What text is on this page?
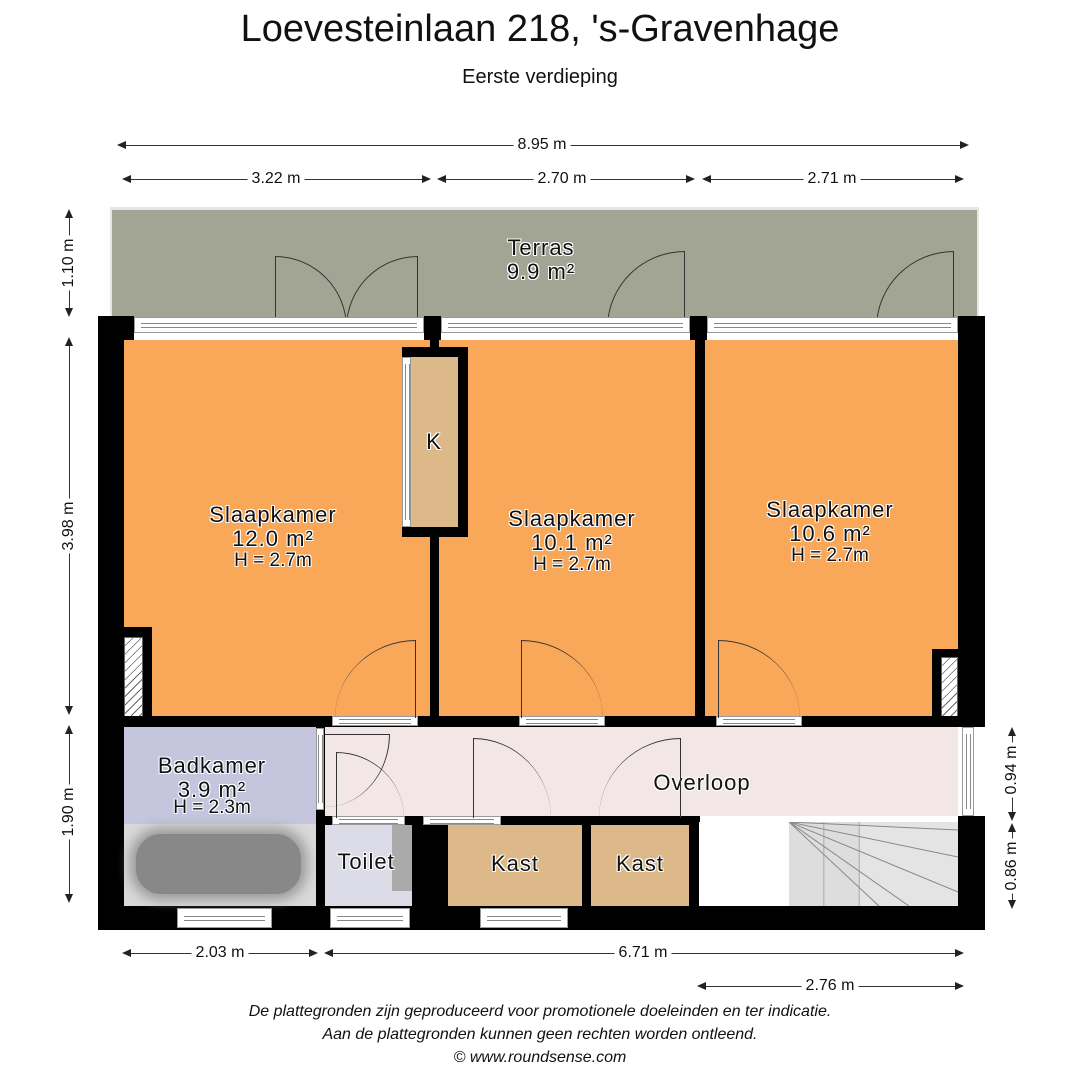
Loevesteinlaan 218, 's-Gravenhage
Eerste verdieping
8.95 m
3.22 m	2.70 m	2.71 m
1.10 m
3.98 m
1.90 m
0.94 m
0.86 m
Terras
9.9 m²
K
Slaapkamer
12.0 m²
H = 2.7m
Slaapkamer
10.1 m²
H = 2.7m
Slaapkamer
10.6 m²
H = 2.7m
Badkamer
3.9 m²
H = 2.3m
Overloop
Toilet	Kast	Kast
2.03 m	6.71 m
2.76 m
De plattegronden zijn geproduceerd voor promotionele doeleinden en ter indicatie.
Aan de plattegronden kunnen geen rechten worden ontleend.
© www.roundsense.com
